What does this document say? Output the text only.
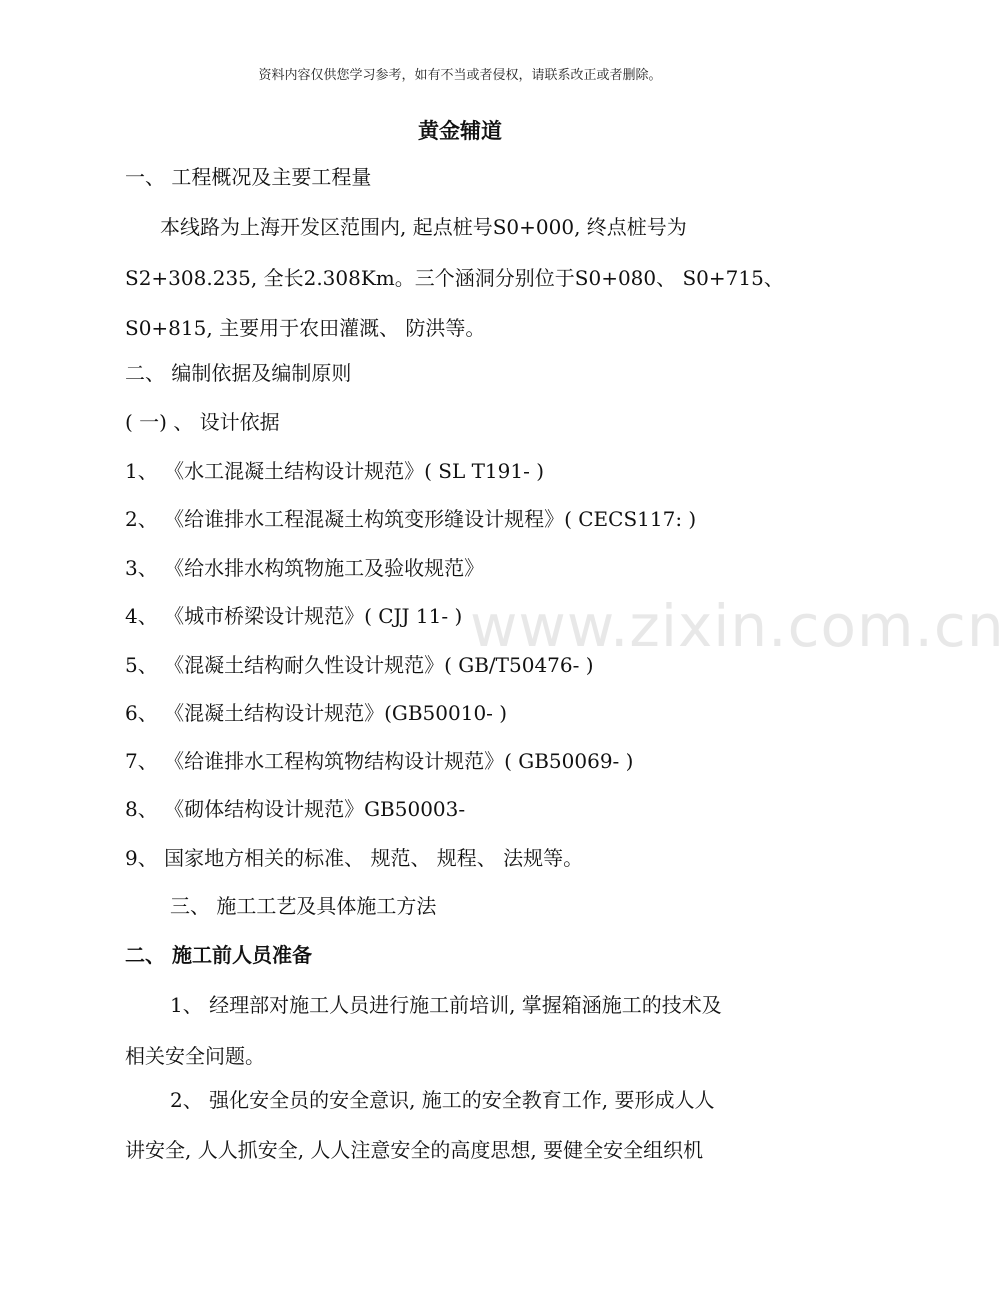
资料内容仅供您学习参考，如有不当或者侵权，请联系改正或者删除。
黄金辅道
一、 工程概况及主要工程量
本线路为上海开发区范围内, 起点桩号S0+000, 终点桩号为
S2+308.235, 全长2.308Km。三个涵洞分别位于S0+080、 S0+715、
S0+815, 主要用于农田灌溉、 防洪等。
二、 编制依据及编制原则
( 一) 、 设计依据
1、 《水工混凝土结构设计规范》( SL T191- )
2、 《给谁排水工程混凝土构筑变形缝设计规程》( CECS117: )
3、 《给水排水构筑物施工及验收规范》
4、 《城市桥梁设计规范》( CJJ 11- )
5、 《混凝土结构耐久性设计规范》( GB/T50476- )
6、 《混凝土结构设计规范》(GB50010- )
7、 《给谁排水工程构筑物结构设计规范》( GB50069- )
8、 《砌体结构设计规范》GB50003-
9、 国家地方相关的标准、 规范、 规程、 法规等。
三、 施工工艺及具体施工方法
二、 施工前人员准备
1、 经理部对施工人员进行施工前培训, 掌握箱涵施工的技术及
相关安全问题。
2、 强化安全员的安全意识, 施工的安全教育工作, 要形成人人
讲安全, 人人抓安全, 人人注意安全的高度思想, 要健全安全组织机
www.zixin.com.cn
